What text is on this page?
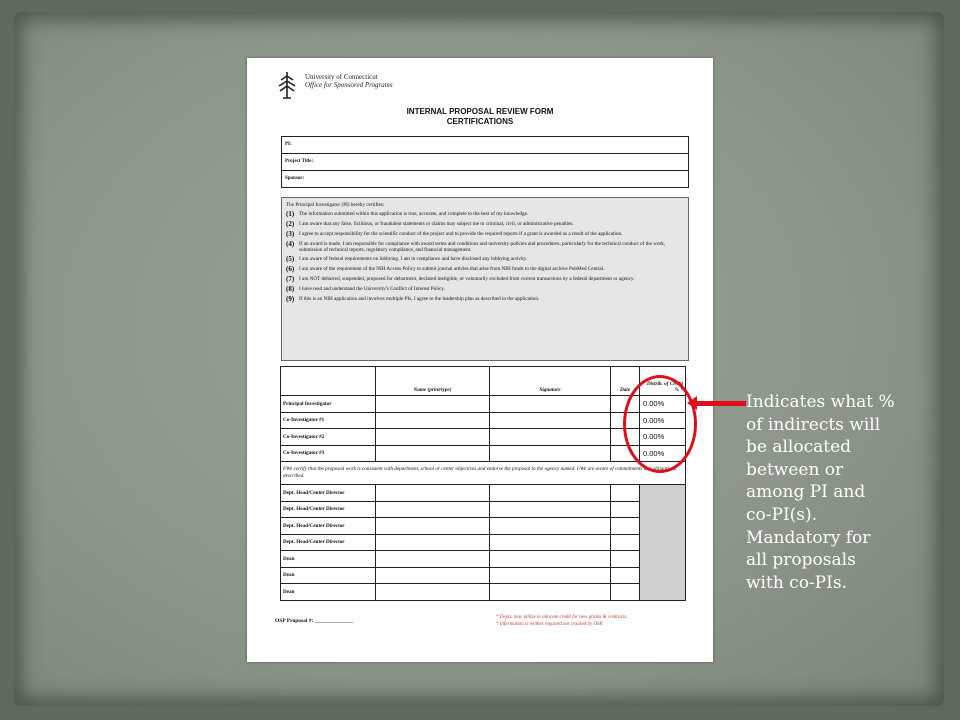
University of Connecticut
Office for Sponsored Programs
INTERNAL PROPOSAL REVIEW FORM
CERTIFICATIONS
PI:
Project Title:
Sponsor:
The Principal Investigator (PI) hereby certifies:
(1) The information submitted within this application is true, accurate, and complete to the best of my knowledge.
(2) I am aware that any false, fictitious, or fraudulent statements or claims may subject me to criminal, civil, or administrative penalties.
(3) I agree to accept responsibility for the scientific conduct of the project and to provide the required reports if a grant is awarded as a result of the application.
(4) If an award is made, I am responsible for compliance with award terms and conditions and university policies and procedures, particularly for the technical conduct of the work, submission of technical reports, regulatory compliance, and financial management.
(5) I am aware of federal requirements on lobbying. I am in compliance and have disclosed any lobbying activity.
(6) I am aware of the requirement of the NIH Access Policy to submit journal articles that arise from NIH funds to the digital archive PubMed Central.
(7) I am NOT debarred, suspended, proposed for debarment, declared ineligible, or voluntarily excluded from current transactions by a federal department or agency.
(8) I have read and understand the University's Conflict of Interest Policy.
(9) If this is an NIH application and involves multiple PIs, I agree to the leadership plan as described in the application.
	Name (print/type)	Signature	Date	Distrib. of Credit % *
Principal Investigator				0.00%
Co-Investigator #1				0.00%
Co-Investigator #2				0.00%
Co-Investigator #3				0.00%
I/We certify that the proposed work is consistent with department, school or center objectives and endorse the proposal to the agency named. I/We are aware of commitments and obligations described.				
Dept. Head/Center Director				
Dept. Head/Center Director				
Dept. Head/Center Director				
Dept. Head/Center Director				
Dean				
Dean				
Dean				
OSP Proposal #: ______________
* Depts. may utilize to allocate credit for new grants & contracts.
* Information is neither required nor tracked by OSP.
Indicates what % of indirects will be allocated between or among PI and co-PI(s). Mandatory for all proposals with co-PIs.
